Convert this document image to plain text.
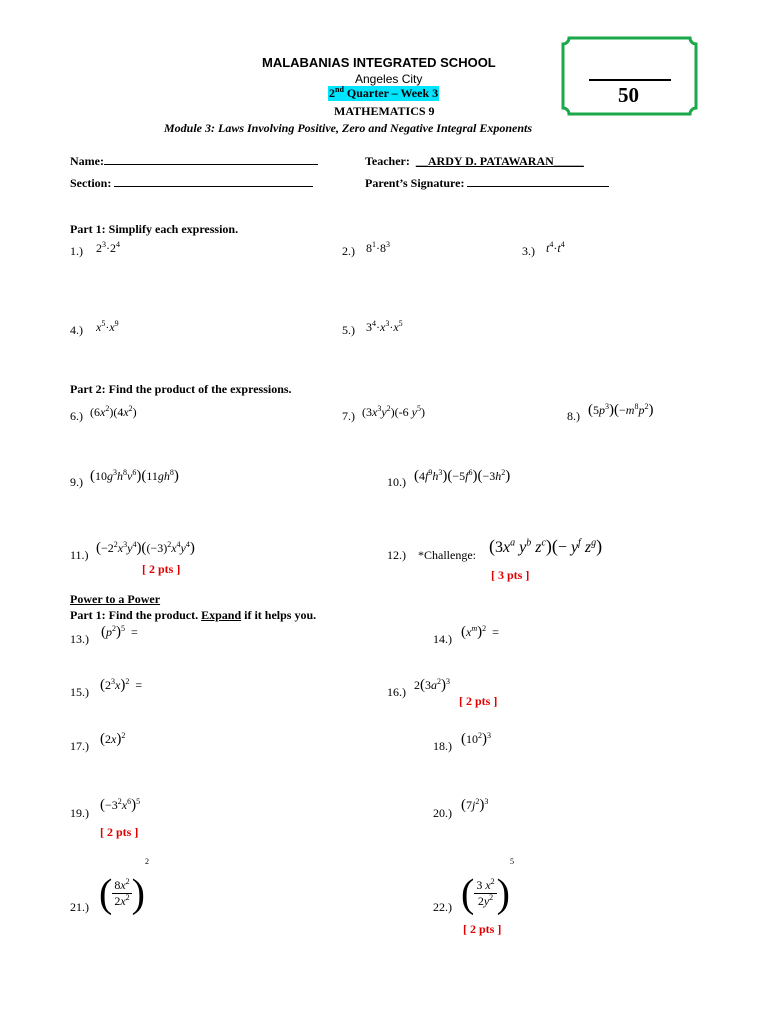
50
MALABANIAS INTEGRATED SCHOOL
Angeles City
2nd Quarter – Week 3
MATHEMATICS 9
Module 3: Laws Involving Positive, Zero and Negative Integral Exponents
Name:
Section:
Teacher: __ARDY D. PATAWARAN_____
Parent’s Signature:
Part 1: Simplify each expression.
1.) $2^3\cdot 2^4$	2.) $8^1\cdot 8^3$	3.) $t^4\cdot t^4$
4.) $x^5\cdot x^9$	5.) $3^4\cdot x^3\cdot x^5$
Part 2: Find the product of the expressions.
6.) $(6x^2)(4x^2)$	7.) $(3x^3y^2)(-6$ $y^5$)	8.) $(5p^3)(-m^8p^2)$
9.) $(10g^3h^8v^6)(11gh^8)$	10.) $(4f^9h^3)(-5f^6)(-3h^2)$
11.) $(-2^2x^3y^4)((-3)^2x^4y^4)$
[ 2 pts ]
12.) *Challenge: ($3x^a$ $y^b$ $z^c)(- y^f$ $z^g$)
[ 3 pts ]
Power to a Power
Part 1: Find the product. Expand if it helps you.
13.) $(p^2)^5$  =	14.) $(x^m)^2$  =
15.) $(2^3x)^2$  =	16.) $2(3a^2)^3$
[ 2 pts ]
17.) $(2x)^2$
18.) $(10^2)^3$
19.) $(-3^2x^6)^5$
[ 2 pts ]
20.) $(7j^2)^3$
21.) ( $\frac{8x^2}{2x^2} )^2$
22.) ( $\frac{3 x^2}{2y^2} )^5$
[ 2 pts ]
